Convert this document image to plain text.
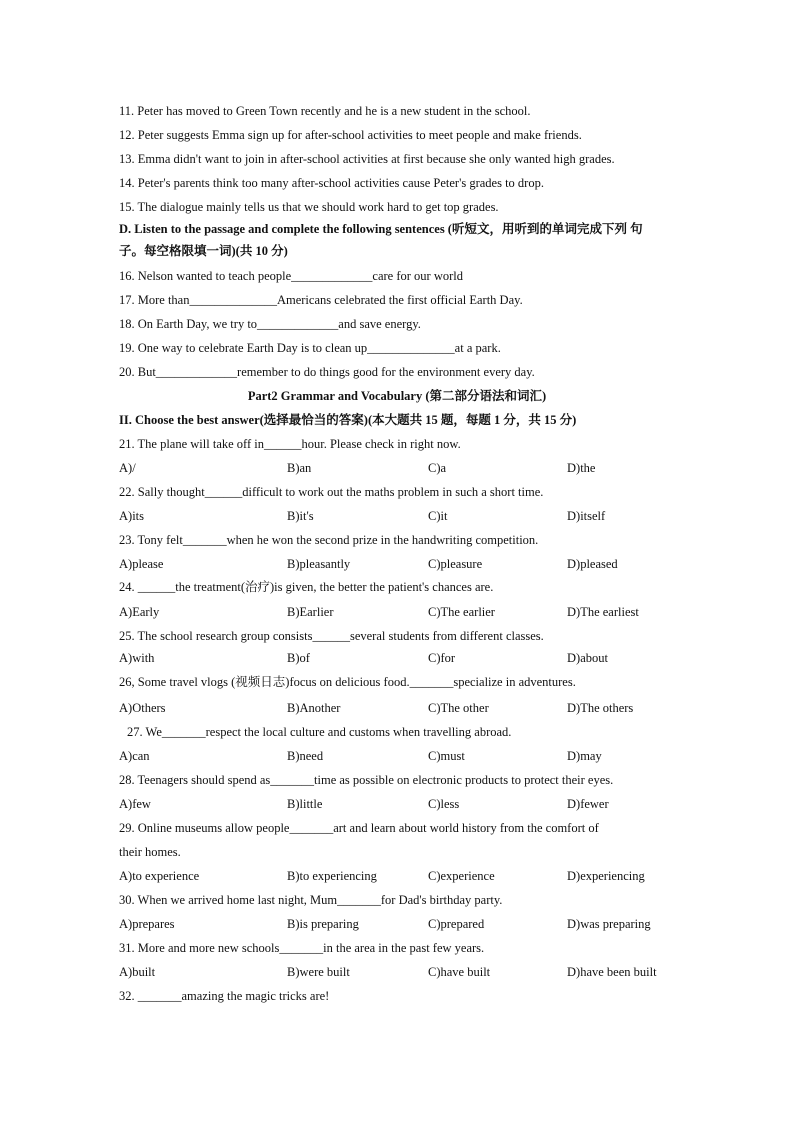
11. Peter has moved to Green Town recently and he is a new student in the school.
12. Peter suggests Emma sign up for after-school activities to meet people and make friends.
13. Emma didn't want to join in after-school activities at first because she only wanted high grades.
14. Peter's parents think too many after-school activities cause Peter's grades to drop.
15. The dialogue mainly tells us that we should work hard to get top grades.
D. Listen to the passage and complete the following sentences (听短文，用听到的单词完成下列 句
子。每空格限填一词)(共 10 分)
16. Nelson wanted to teach people_____________care for our world
17. More than______________Americans celebrated the first official Earth Day.
18. On Earth Day, we try to_____________and save energy.
19. One way to celebrate Earth Day is to clean up______________at a park.
20. But_____________remember to do things good for the environment every day.
Part2 Grammar and Vocabulary (第二部分语法和词汇)
II. Choose the best answer(选择最恰当的答案)(本大题共 15 题，每题 1 分，共 15 分)
21. The plane will take off in______hour. Please check in right now.
A)/	B)an	C)a	D)the
22. Sally thought______difficult to work out the maths problem in such a short time.
A)its	B)it's	C)it	D)itself
23. Tony felt_______when he won the second prize in the handwriting competition.
A)please	B)pleasantly	C)pleasure	D)pleased
24. ______the treatment(治疗)is given, the better the patient's chances are.
A)Early	B)Earlier	C)The earlier	D)The earliest
25. The school research group consists______several students from different classes.
A)with	B)of	C)for	D)about
26, Some travel vlogs (视频日志)focus on delicious food._______specialize in adventures.
A)Others	B)Another	C)The other	D)The others
27. We_______respect the local culture and customs when travelling abroad.
A)can	B)need	C)must	D)may
28. Teenagers should spend as_______time as possible on electronic products to protect their eyes.
A)few	B)little	C)less	D)fewer
29. Online museums allow people_______art and learn about world history from the comfort of
their homes.
A)to experience	B)to experiencing	C)experience	D)experiencing
30. When we arrived home last night, Mum_______for Dad's birthday party.
A)prepares	B)is preparing	C)prepared	D)was preparing
31. More and more new schools_______in the area in the past few years.
A)built	B)were built	C)have built	D)have been built
32. _______amazing the magic tricks are!
